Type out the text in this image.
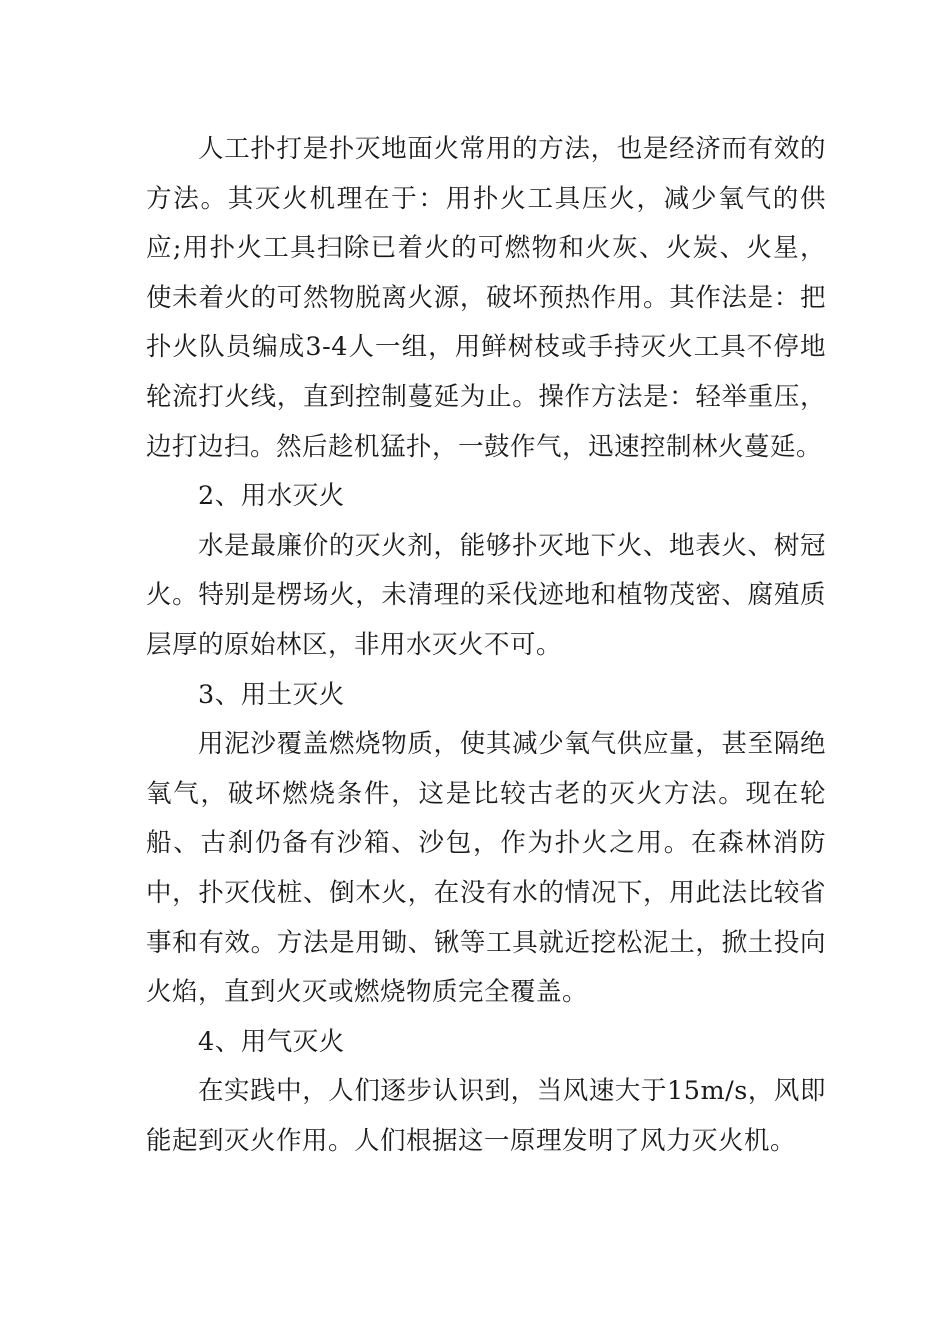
人工扑打是扑灭地面火常用的方法，也是经济而有效的方法。其灭火机理在于：用扑火工具压火，减少氧气的供应;用扑火工具扫除已着火的可燃物和火灰、火炭、火星，使未着火的可然物脱离火源，破坏预热作用。其作法是：把扑火队员编成3-4人一组，用鲜树枝或手持灭火工具不停地轮流打火线，直到控制蔓延为止。操作方法是：轻举重压，边打边扫。然后趁机猛扑，一鼓作气，迅速控制林火蔓延。

2、用水灭火

水是最廉价的灭火剂，能够扑灭地下火、地表火、树冠火。特别是楞场火，未清理的采伐迹地和植物茂密、腐殖质层厚的原始林区，非用水灭火不可。

3、用土灭火

用泥沙覆盖燃烧物质，使其减少氧气供应量，甚至隔绝氧气，破坏燃烧条件，这是比较古老的灭火方法。现在轮船、古刹仍备有沙箱、沙包，作为扑火之用。在森林消防中，扑灭伐桩、倒木火，在没有水的情况下，用此法比较省事和有效。方法是用锄、锹等工具就近挖松泥土，掀土投向火焰，直到火灭或燃烧物质完全覆盖。

4、用气灭火

在实践中，人们逐步认识到，当风速大于15m/s，风即能起到灭火作用。人们根据这一原理发明了风力灭火机。
